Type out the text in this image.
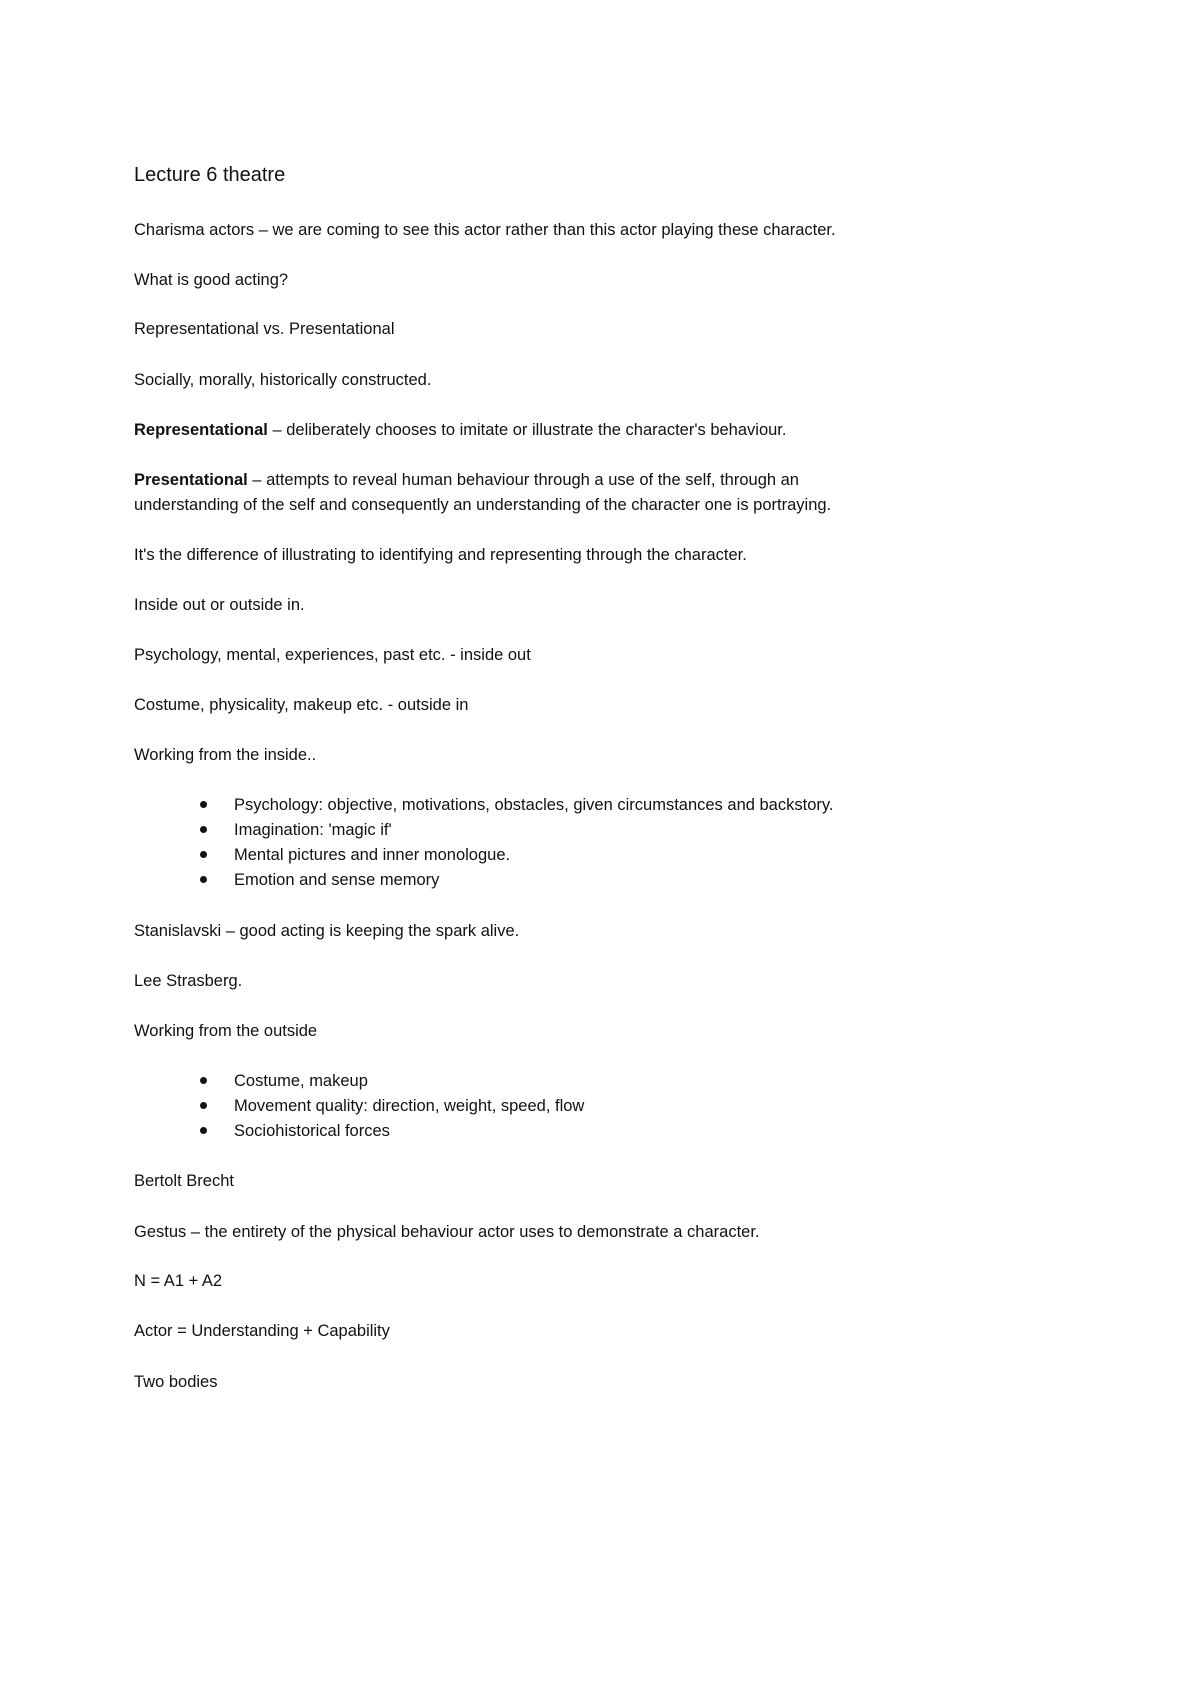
Lecture 6 theatre
Charisma actors – we are coming to see this actor rather than this actor playing these character.
What is good acting?
Representational vs. Presentational
Socially, morally, historically constructed.
Representational – deliberately chooses to imitate or illustrate the character's behaviour.
Presentational – attempts to reveal human behaviour through a use of the self, through an
understanding of the self and consequently an understanding of the character one is portraying.
It's the difference of illustrating to identifying and representing through the character.
Inside out or outside in.
Psychology, mental, experiences, past etc. - inside out
Costume, physicality, makeup etc. - outside in
Working from the inside..
Psychology: objective, motivations, obstacles, given circumstances and backstory.
Imagination: 'magic if'
Mental pictures and inner monologue.
Emotion and sense memory
Stanislavski – good acting is keeping the spark alive.
Lee Strasberg.
Working from the outside
Costume, makeup
Movement quality: direction, weight, speed, flow
Sociohistorical forces
Bertolt Brecht
Gestus – the entirety of the physical behaviour actor uses to demonstrate a character.
N = A1 + A2
Actor = Understanding + Capability
Two bodies
